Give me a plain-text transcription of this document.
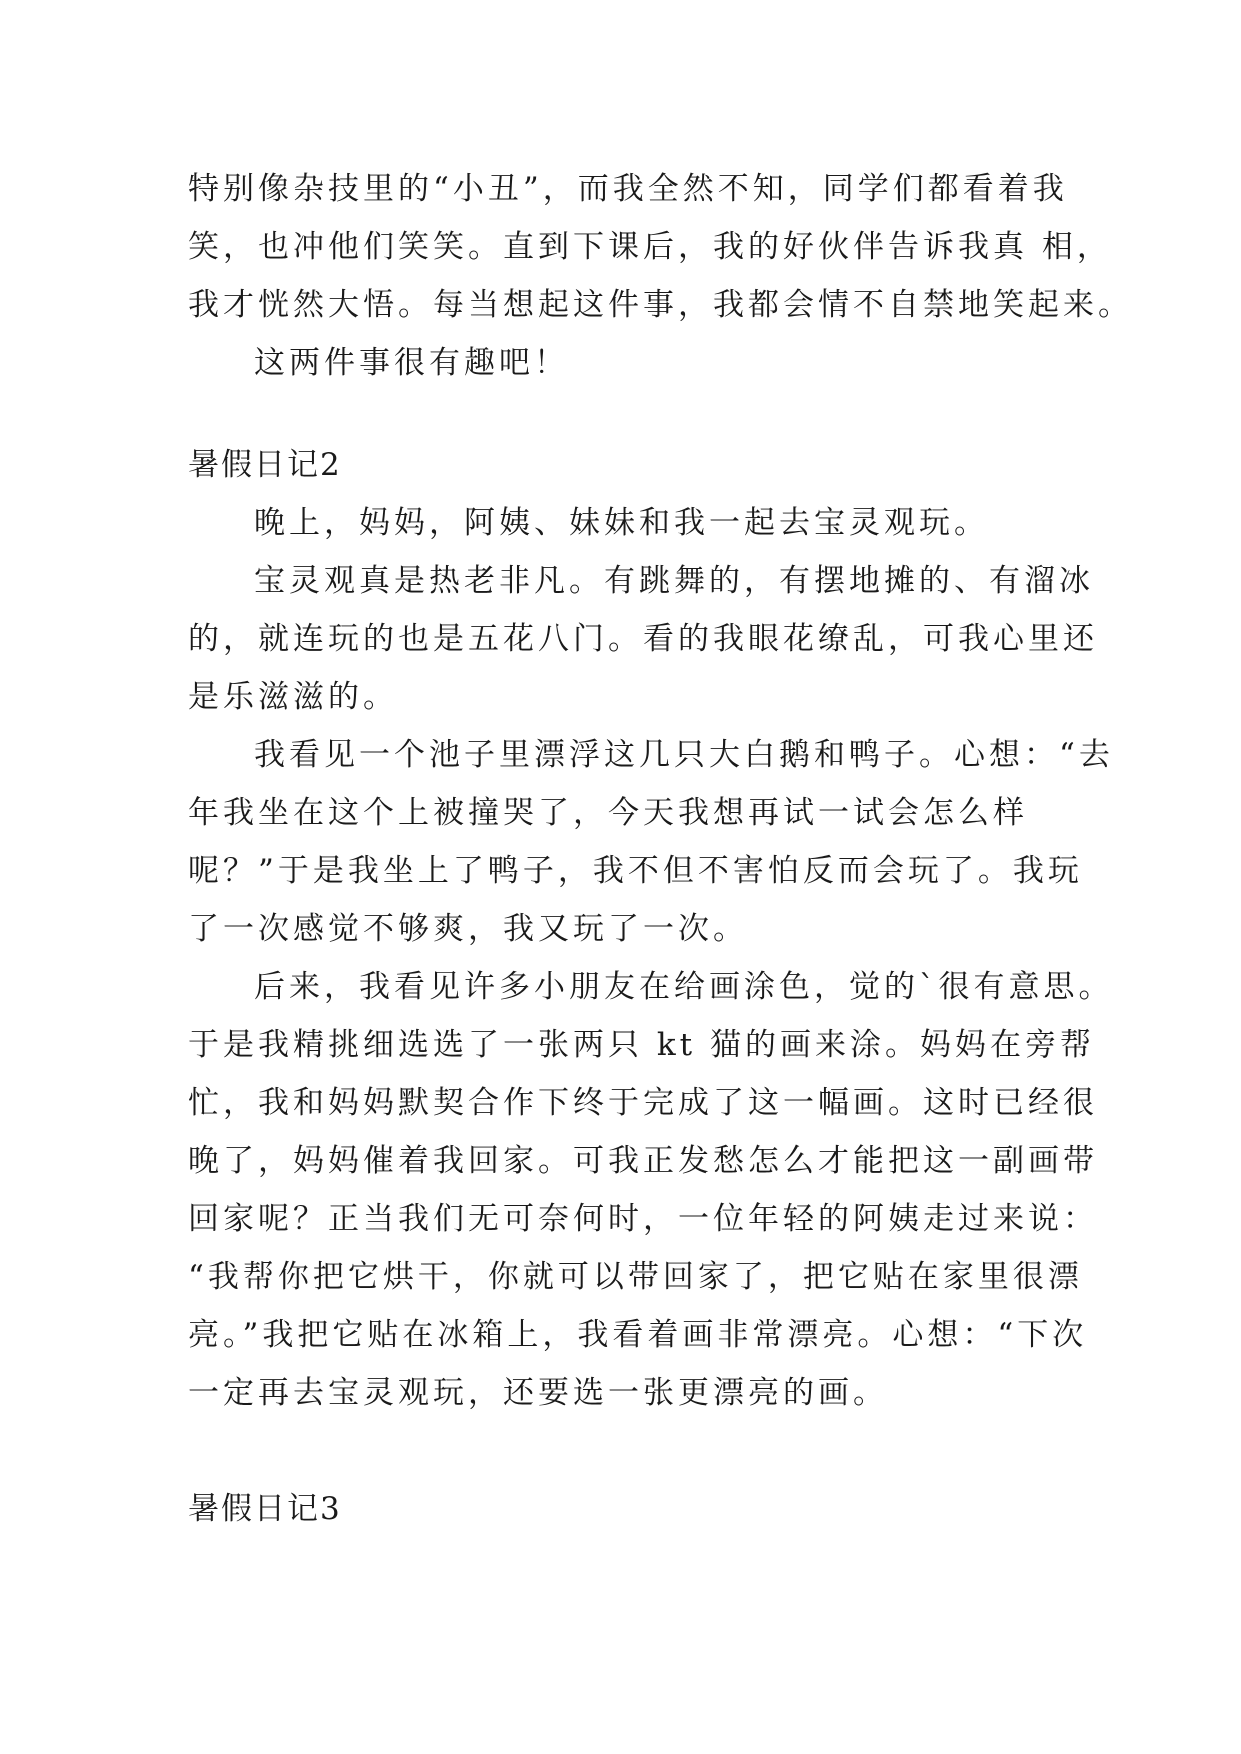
特别像杂技里的“小丑”，而我全然不知，同学们都看着我
笑，也冲他们笑笑。直到下课后，我的好伙伴告诉我真 相，
我才恍然大悟。每当想起这件事，我都会情不自禁地笑起来。
这两件事很有趣吧！
暑假日记2
晚上，妈妈，阿姨、妹妹和我一起去宝灵观玩。
宝灵观真是热老非凡。有跳舞的，有摆地摊的、有溜冰
的，就连玩的也是五花八门。看的我眼花缭乱，可我心里还
是乐滋滋的。
我看见一个池子里漂浮这几只大白鹅和鸭子。心想：“去
年我坐在这个上被撞哭了，今天我想再试一试会怎么样
呢？”于是我坐上了鸭子，我不但不害怕反而会玩了。我玩
了一次感觉不够爽，我又玩了一次。
后来，我看见许多小朋友在给画涂色，觉的`很有意思。
于是我精挑细选选了一张两只 kt 猫的画来涂。妈妈在旁帮
忙，我和妈妈默契合作下终于完成了这一幅画。这时已经很
晚了，妈妈催着我回家。可我正发愁怎么才能把这一副画带
回家呢？正当我们无可奈何时，一位年轻的阿姨走过来说：
“我帮你把它烘干，你就可以带回家了，把它贴在家里很漂
亮。”我把它贴在冰箱上，我看着画非常漂亮。心想：“下次
一定再去宝灵观玩，还要选一张更漂亮的画。
暑假日记3
